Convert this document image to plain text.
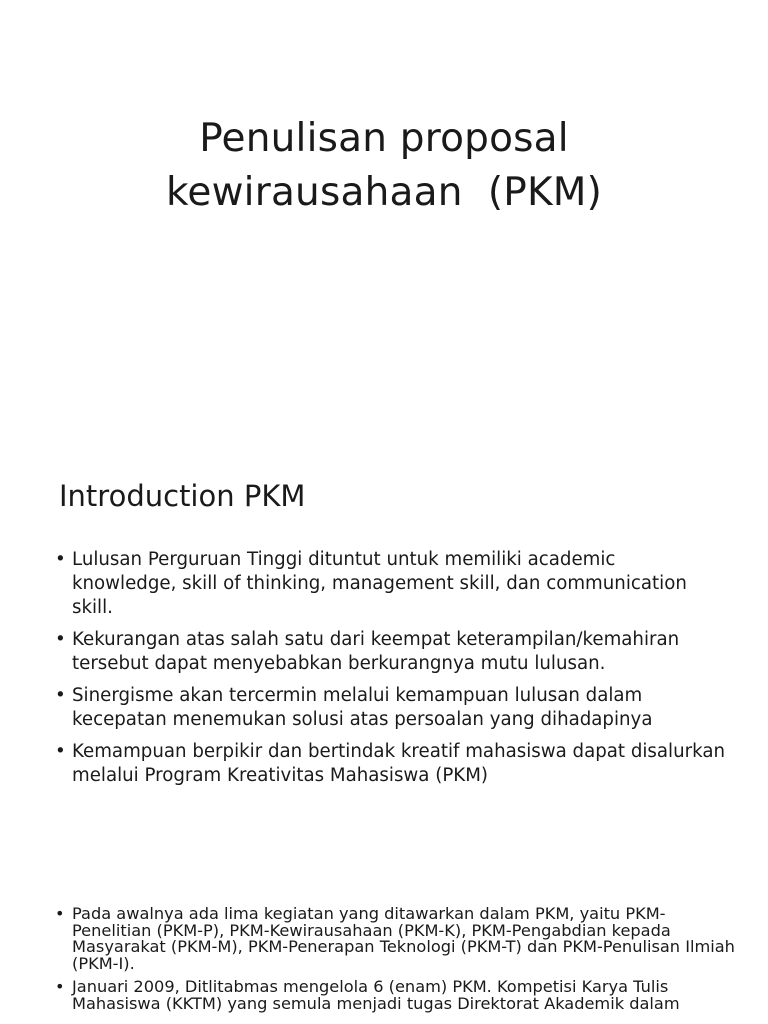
Penulisan proposal

kewirausahaan  (PKM)

Introduction PKM
• Lulusan Perguruan Tinggi dituntut untuk memiliki academic knowledge, skill of thinking, management skill, dan communication skill.
• Kekurangan atas salah satu dari keempat keterampilan/kemahiran tersebut dapat menyebabkan berkurangnya mutu lulusan.
• Sinergisme akan tercermin melalui kemampuan lulusan dalam kecepatan menemukan solusi atas persoalan yang dihadapinya
• Kemampuan berpikir dan bertindak kreatif mahasiswa dapat disalurkan melalui Program Kreativitas Mahasiswa (PKM)
• Pada awalnya ada lima kegiatan yang ditawarkan dalam PKM, yaitu PKM-Penelitian (PKM-P), PKM-Kewirausahaan (PKM-K), PKM-Pengabdian kepada Masyarakat (PKM-M), PKM-Penerapan Teknologi (PKM-T) dan PKM-Penulisan Ilmiah (PKM-I).
• Januari 2009, Ditlitabmas mengelola 6 (enam) PKM. Kompetisi Karya Tulis Mahasiswa (KKTM) yang semula menjadi tugas Direktorat Akademik dalam
